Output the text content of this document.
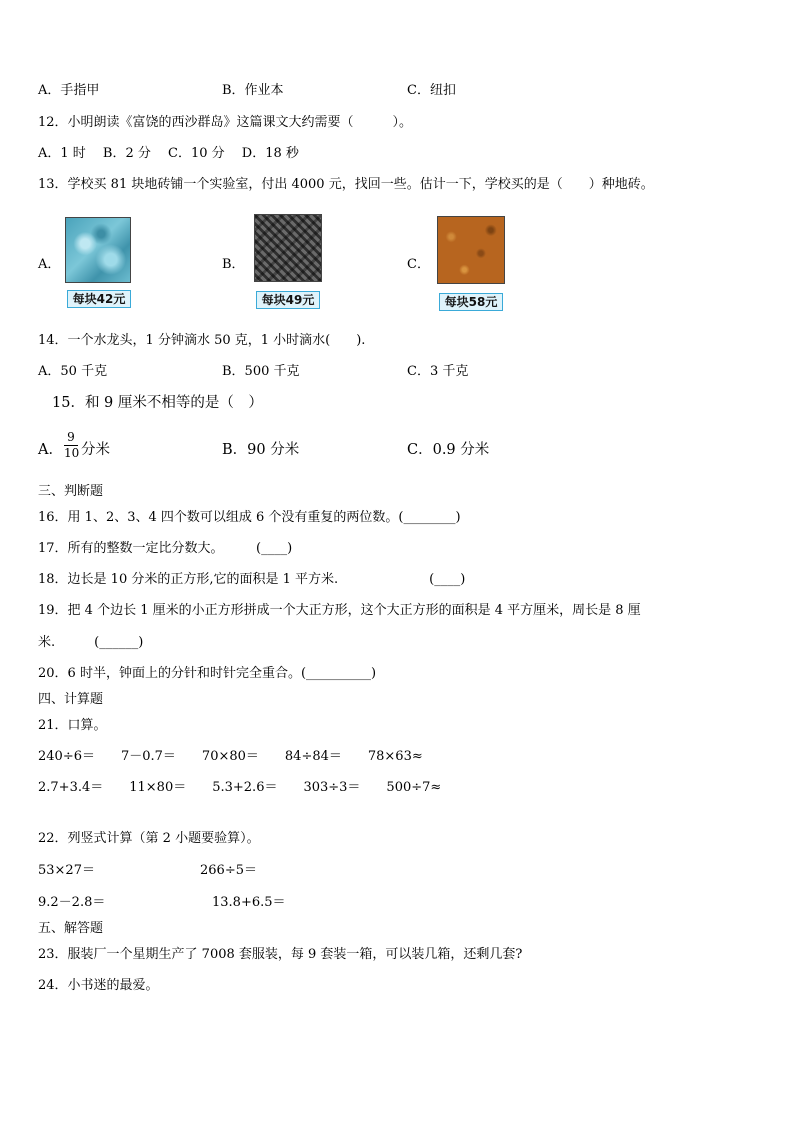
A．手指甲	B．作业本	C．纽扣
12．小明朗读《富饶的西沙群岛》这篇课文大约需要（　　　）。
A．1 时　 B．2 分　 C．10 分　 D．18 秒
13．学校买 81 块地砖铺一个实验室，付出 4000 元，找回一些。估计一下，学校买的是（　　）种地砖。
A．
每块42元
B．
每块49元
C．
每块58元
14．一个水龙头，1 分钟滴水 50 克，1 小时滴水(　　).
A．50 千克	B．500 千克	C．3 千克
15．和 9 厘米不相等的是（　）
A．
9
10 分米	B．90 分米	C．0.9 分米
三、判断题
16．用 1、2、3、4 四个数可以组成 6 个没有重复的两位数。(________)
17．所有的整数一定比分数大。　　　(____)
18．边长是 10 分米的正方形,它的面积是 1 平方米.　　　　　　　(____)
19．把 4 个边长 1 厘米的小正方形拼成一个大正方形，这个大正方形的面积是 4 平方厘米，周长是 8 厘
米.　　　(______)
20．6 时半，钟面上的分针和时针完全重合。(__________)
四、计算题
21．口算。
240÷6＝　　7－0.7＝　　70×80＝　　84÷84＝　　78×63≈
2.7+3.4＝　　11×80＝　　5.3+2.6＝　　303÷3＝　　500÷7≈
22．列竖式计算（第 2 小题要验算）。
53×27＝	266÷5＝
9.2－2.8＝	13.8+6.5＝
五、解答题
23．服装厂一个星期生产了 7008 套服装，每 9 套装一箱，可以装几箱，还剩几套?
24．小书迷的最爱。
